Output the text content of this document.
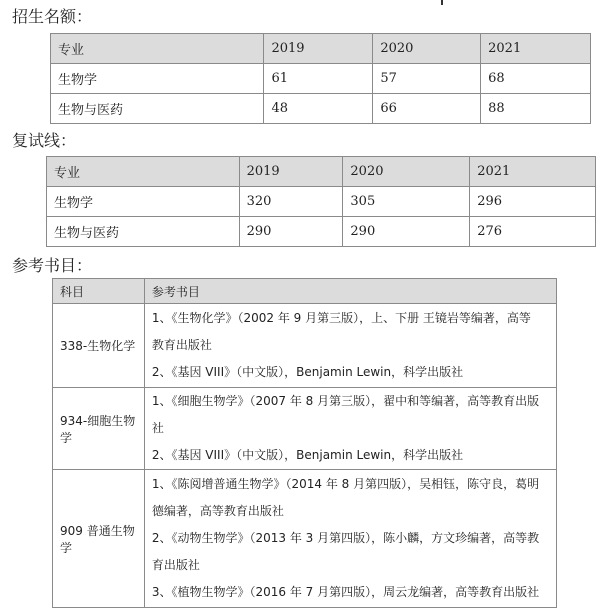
招生名额：
专业	2019	2020	2021
生物学	61	57	68
生物与医药	48	66	88
复试线：
专业	2019	2020	2021
生物学	320	305	296
生物与医药	290	290	276
参考书目：
科目	参考书目
338-生物化学	1、《生物化学》（2002 年 9 月第三版），上、下册 王镜岩等编著，高等
教育出版社
2、《基因 VIII》（中文版），Benjamin Lewin，科学出版社

934-细胞生物学	1、《细胞生物学》（2007 年 8 月第三版），翟中和等编著，高等教育出版
社
2、《基因 VIII》（中文版），Benjamin Lewin，科学出版社

909 普通生物学	1、《陈阅增普通生物学》（2014 年 8 月第四版），吴相钰，陈守良，葛明
德编著，高等教育出版社
2、《动物生物学》（2013 年 3 月第四版），陈小麟，方文珍编著，高等教
育出版社
3、《植物生物学》（2016 年 7 月第四版），周云龙编著，高等教育出版社
